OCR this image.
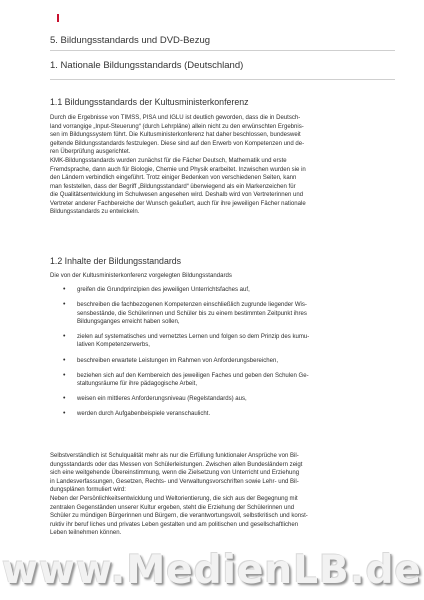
5. Bildungsstandards und DVD-Bezug
1. Nationale Bildungsstandards (Deutschland)
1.1 Bildungsstandards der Kultusministerkonferenz

Durch die Ergebnisse von TIMSS, PISA und IGLU ist deutlich geworden, dass die in Deutsch-
land vorrangige „Input-Steuerung“ (durch Lehrpläne) allein nicht zu den erwünschten Ergebnis-
sen im Bildungssystem führt. Die Kultusministerkonferenz hat daher beschlossen, bundesweit
geltende Bildungsstandards festzulegen. Diese sind auf den Erwerb von Kompetenzen und de-
ren Überprüfung ausgerichtet.

KMK-Bildungsstandards wurden zunächst für die Fächer Deutsch, Mathematik und erste
Fremdsprache, dann auch für Biologie, Chemie und Physik erarbeitet. Inzwischen wurden sie in
den Ländern verbindlich eingeführt. Trotz einiger Bedenken von verschiedenen Seiten, kann
man feststellen, dass der Begriff „Bildungsstandard“ überwiegend als ein Markenzeichen für
die Qualitätsentwicklung im Schulwesen angesehen wird. Deshalb wird von Vertreterinnen und
Vertreter anderer Fachbereiche der Wunsch geäußert, auch für ihre jeweiligen Fächer nationale
Bildungsstandards zu entwickeln.

1.2 Inhalte der Bildungsstandards

Die von der Kultusministerkonferenz vorgelegten Bildungsstandards

• greifen die Grundprinzipien des jeweiligen Unterrichtsfaches auf,
• beschreiben die fachbezogenen Kompetenzen einschließlich zugrunde liegender Wis-
sensbestände, die Schülerinnen und Schüler bis zu einem bestimmten Zeitpunkt ihres
Bildungsganges erreicht haben sollen,
• zielen auf systematisches und vernetztes Lernen und folgen so dem Prinzip des kumu-
lativen Kompetenzerwerbs,
• beschreiben erwartete Leistungen im Rahmen von Anforderungsbereichen,
• beziehen sich auf den Kernbereich des jeweiligen Faches und geben den Schulen Ge-
staltungsräume für ihre pädagogische Arbeit,
• weisen ein mittleres Anforderungsniveau (Regelstandards) aus,
• werden durch Aufgabenbeispiele veranschaulicht.

Selbstverständlich ist Schulqualität mehr als nur die Erfüllung funktionaler Ansprüche von Bil-
dungsstandards oder das Messen von Schülerleistungen. Zwischen allen Bundesländern zeigt
sich eine weitgehende Übereinstimmung, wenn die Zielsetzung von Unterricht und Erziehung
in Landesverfassungen, Gesetzen, Rechts- und Verwaltungsvorschriften sowie Lehr- und Bil-
dungsplänen formuliert wird:

Neben der Persönlichkeitsentwicklung und Weltorientierung, die sich aus der Begegnung mit
zentralen Gegenständen unserer Kultur ergeben, steht die Erziehung der Schülerinnen und
Schüler zu mündigen Bürgerinnen und Bürgern, die verantwortungsvoll, selbstkritisch und konst-
ruktiv ihr beruf liches und privates Leben gestalten und am politischen und gesellschaftlichen
Leben teilnehmen können.

www.MedienLB.de
